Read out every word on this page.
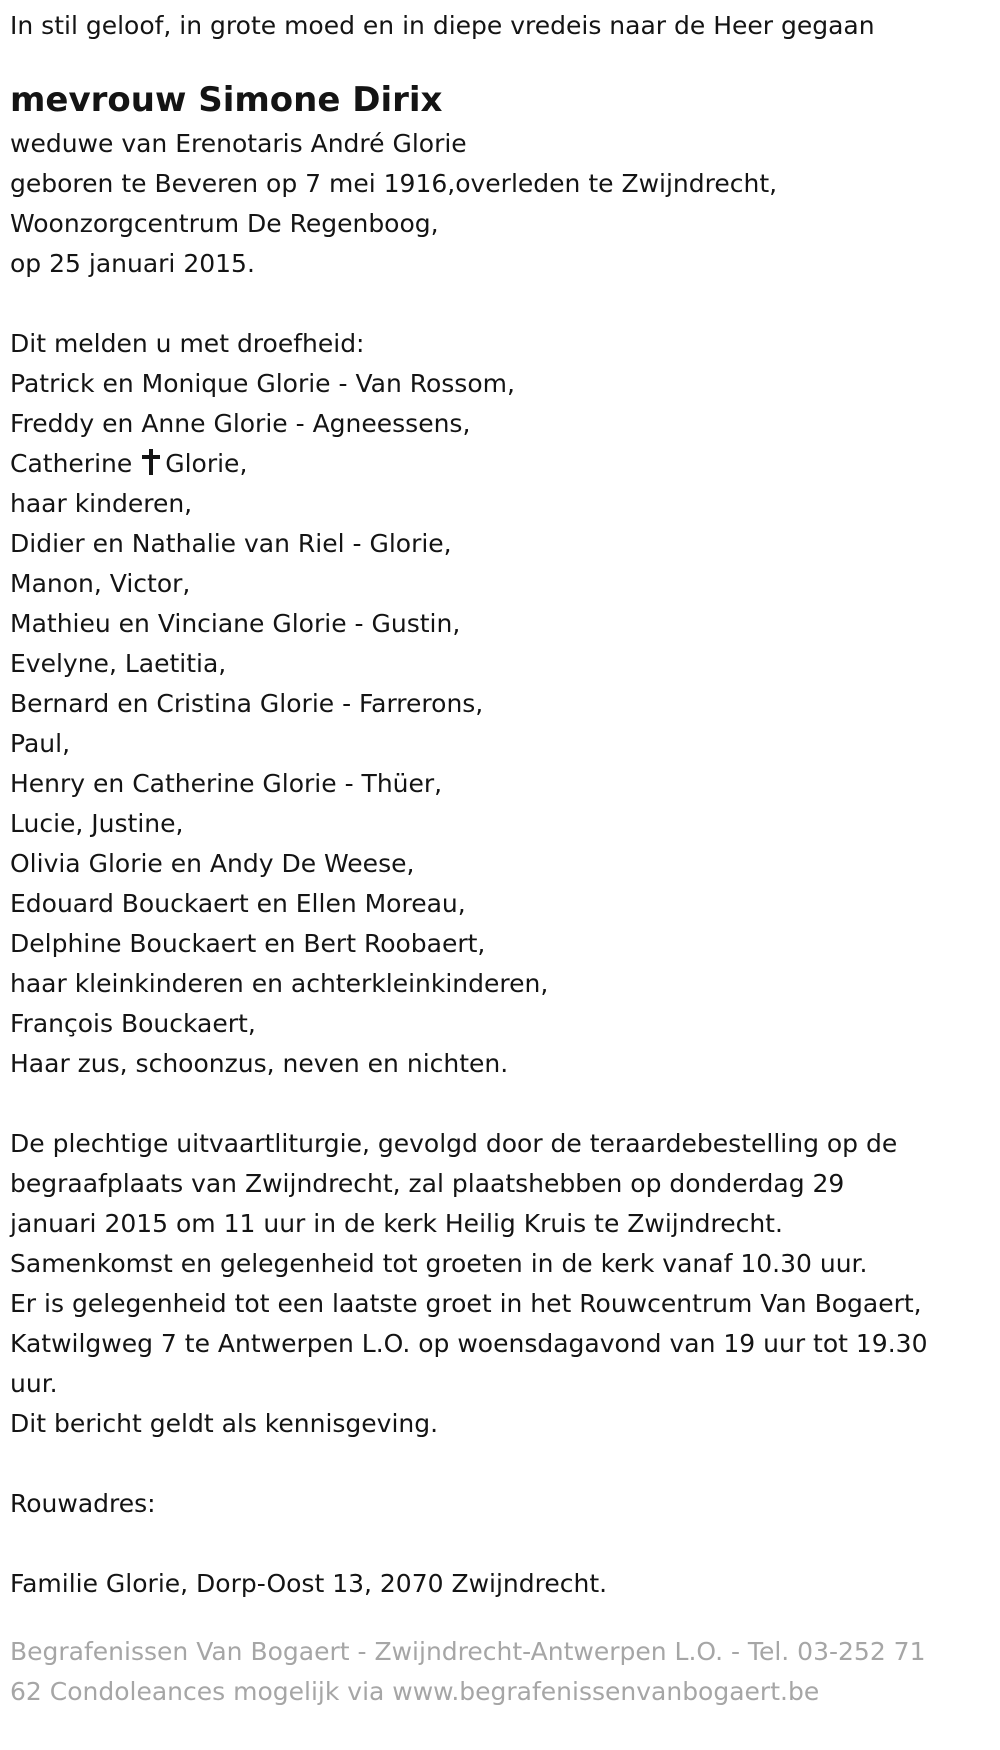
In stil geloof, in grote moed en in diepe vredeis naar de Heer gegaan

mevrouw Simone Dirix

weduwe van Erenotaris André Glorie

geboren te Beveren op 7 mei 1916,overleden te Zwijndrecht,

Woonzorgcentrum De Regenboog,

op 25 januari 2015.

Dit melden u met droefheid:

Patrick en Monique Glorie - Van Rossom,

Freddy en Anne Glorie - Agneessens,

Catherine Glorie,

haar kinderen,

Didier en Nathalie van Riel - Glorie,

Manon, Victor,

Mathieu en Vinciane Glorie - Gustin,

Evelyne, Laetitia,

Bernard en Cristina Glorie - Farrerons,

Paul,

Henry en Catherine Glorie - Thüer,

Lucie, Justine,

Olivia Glorie en Andy De Weese,

Edouard Bouckaert en Ellen Moreau,

Delphine Bouckaert en Bert Roobaert,

haar kleinkinderen en achterkleinkinderen,

François Bouckaert,

Haar zus, schoonzus, neven en nichten.

De plechtige uitvaartliturgie, gevolgd door de teraardebestelling op de

begraafplaats van Zwijndrecht, zal plaatshebben op donderdag 29

januari 2015 om 11 uur in de kerk Heilig Kruis te Zwijndrecht.

Samenkomst en gelegenheid tot groeten in de kerk vanaf 10.30 uur.

Er is gelegenheid tot een laatste groet in het Rouwcentrum Van Bogaert,

Katwilgweg 7 te Antwerpen L.O. op woensdagavond van 19 uur tot 19.30

uur.

Dit bericht geldt als kennisgeving.

Rouwadres:

Familie Glorie, Dorp-Oost 13, 2070 Zwijndrecht.

Begrafenissen Van Bogaert - Zwijndrecht-Antwerpen L.O. - Tel. 03-252 71
62 Condoleances mogelijk via www.begrafenissenvanbogaert.be
